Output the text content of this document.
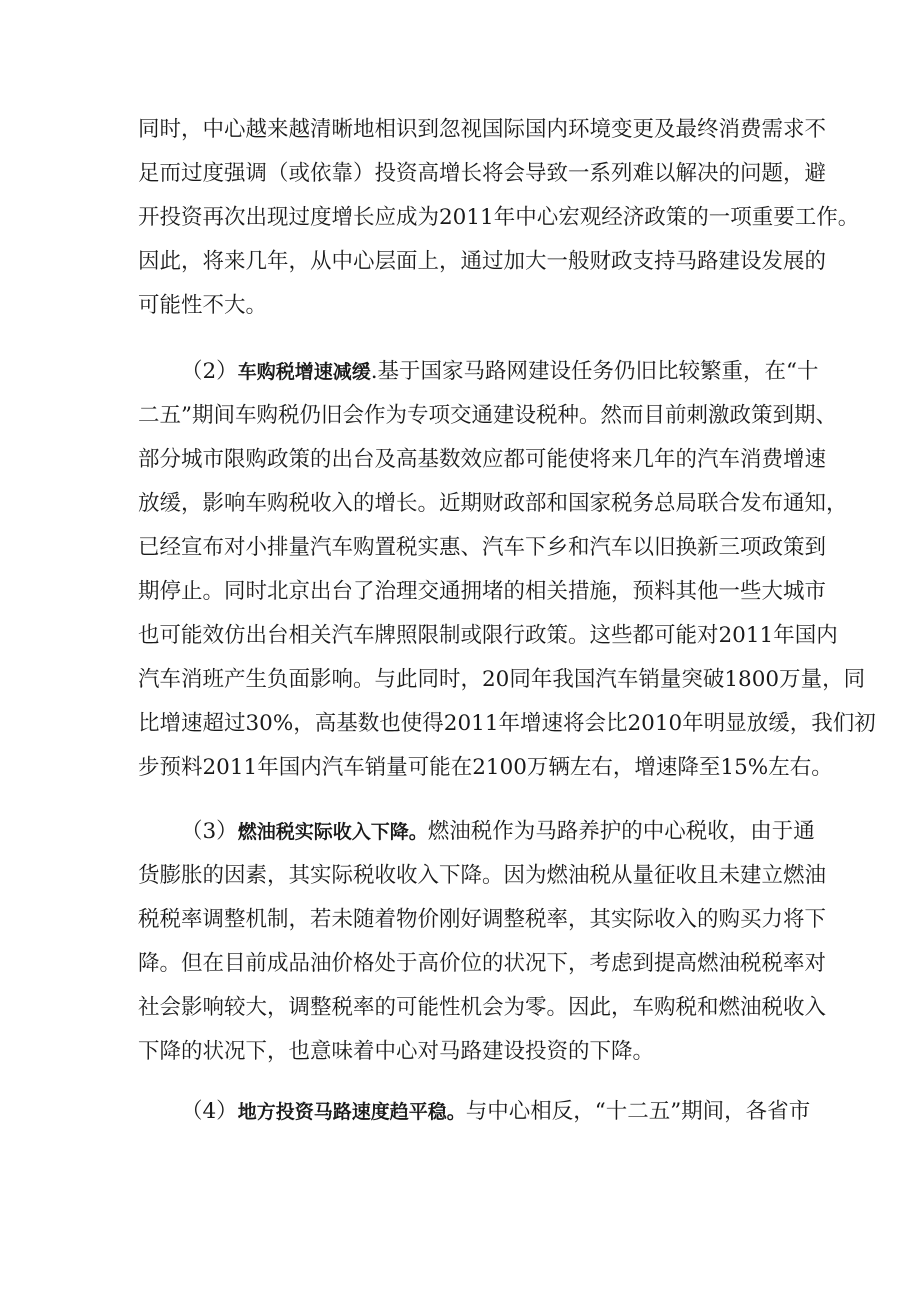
同时，中心越来越清晰地相识到忽视国际国内环境变更及最终消费需求不
足而过度强调（或依靠）投资高增长将会导致一系列难以解决的问题，避
开投资再次出现过度增长应成为2011年中心宏观经济政策的一项重要工作。
因此，将来几年，从中心层面上，通过加大一般财政支持马路建设发展的
可能性不大。
（2）车购税增速减缓.基于国家马路网建设任务仍旧比较繁重，在“十
二五”期间车购税仍旧会作为专项交通建设税种。然而目前刺激政策到期、
部分城市限购政策的出台及高基数效应都可能使将来几年的汽车消费增速
放缓，影响车购税收入的增长。近期财政部和国家税务总局联合发布通知，
已经宣布对小排量汽车购置税实惠、汽车下乡和汽车以旧换新三项政策到
期停止。同时北京出台了治理交通拥堵的相关措施，预料其他一些大城市
也可能效仿出台相关汽车牌照限制或限行政策。这些都可能对2011年国内
汽车消班产生负面影响。与此同时，20同年我国汽车销量突破1800万量，同
比增速超过30%，高基数也使得2011年增速将会比2010年明显放缓，我们初
步预料2011年国内汽车销量可能在2100万辆左右，增速降至15%左右。
（3）燃油税实际收入下降。燃油税作为马路养护的中心税收，由于通
货膨胀的因素，其实际税收收入下降。因为燃油税从量征收且未建立燃油
税税率调整机制，若未随着物价刚好调整税率，其实际收入的购买力将下
降。但在目前成品油价格处于高价位的状况下，考虑到提高燃油税税率对
社会影响较大，调整税率的可能性机会为零。因此，车购税和燃油税收入
下降的状况下，也意味着中心对马路建设投资的下降。
（4）地方投资马路速度趋平稳。与中心相反，“十二五”期间，各省市
